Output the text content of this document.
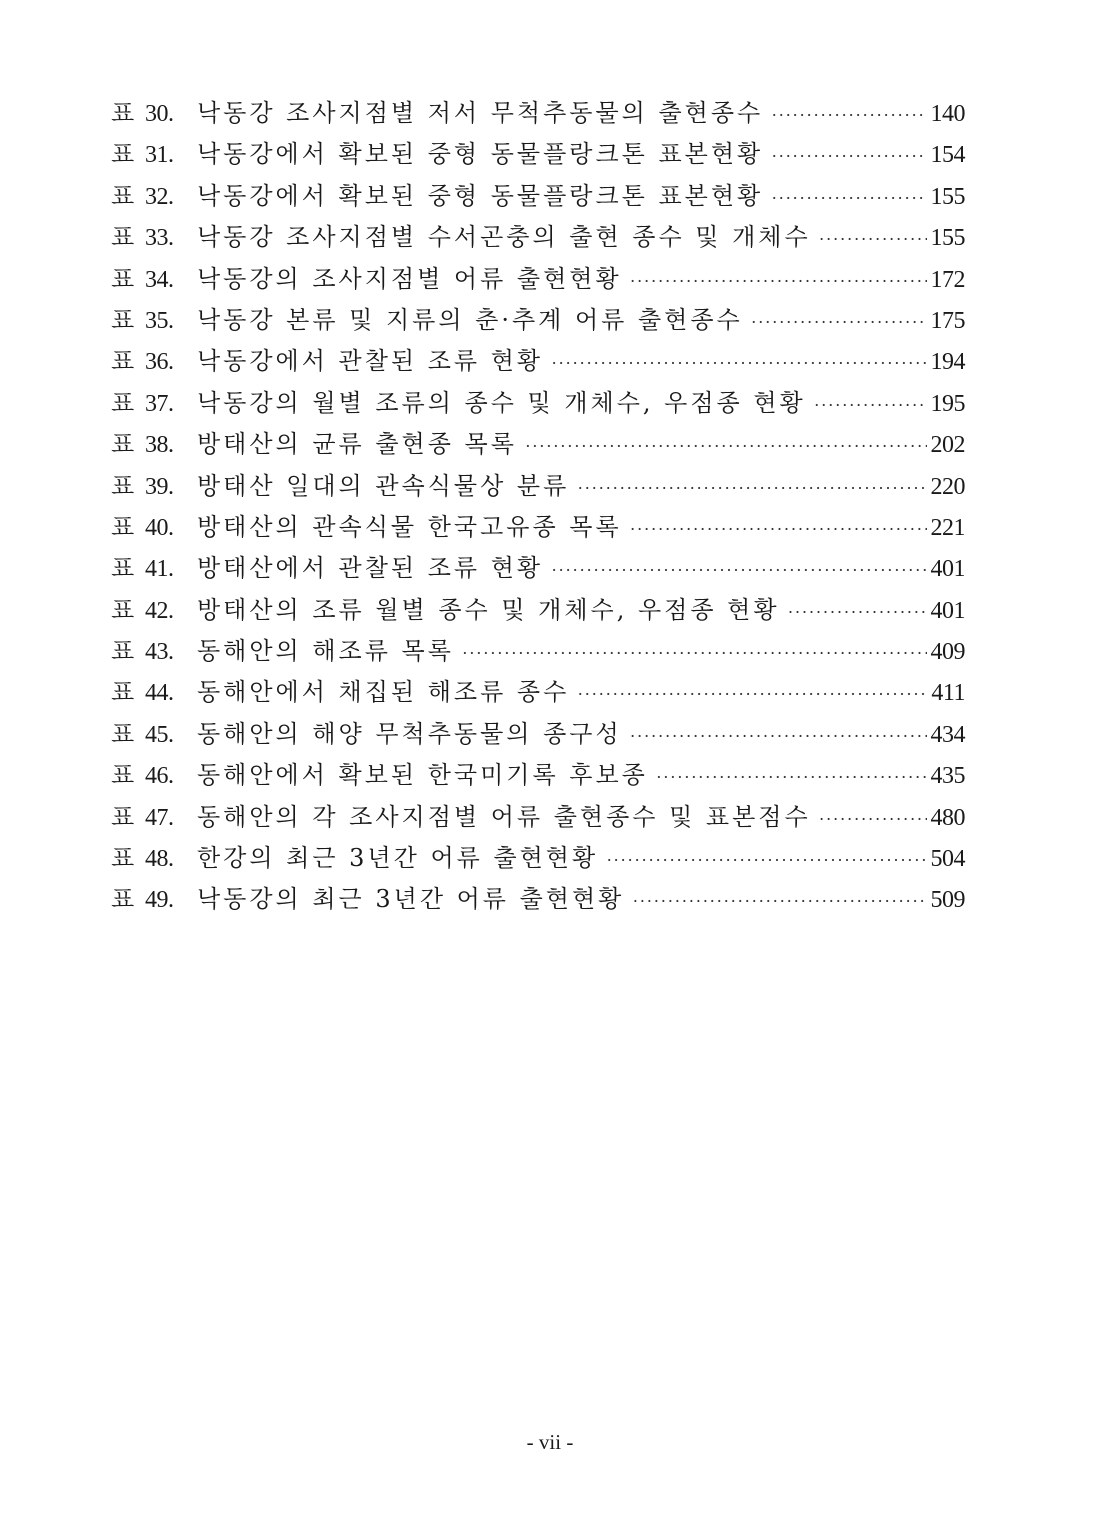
표 30. 낙동강 조사지점별 저서 무척추동물의 출현종수 ·····	140
표 31. 낙동강에서 확보된 중형 동물플랑크톤 표본현황 ·····	154
표 32. 낙동강에서 확보된 중형 동물플랑크톤 표본현황 ·····	155
표 33. 낙동강 조사지점별 수서곤충의 출현 종수 및 개체수 ·····	155
표 34. 낙동강의 조사지점별 어류 출현현황 ·····	172
표 35. 낙동강 본류 및 지류의 춘·추계 어류 출현종수 ·····	175
표 36. 낙동강에서 관찰된 조류 현황 ·····	194
표 37. 낙동강의 월별 조류의 종수 및 개체수, 우점종 현황 ·····	195
표 38. 방태산의 균류 출현종 목록 ·····	202
표 39. 방태산 일대의 관속식물상 분류 ·····	220
표 40. 방태산의 관속식물 한국고유종 목록 ·····	221
표 41. 방태산에서 관찰된 조류 현황 ·····	401
표 42. 방태산의 조류 월별 종수 및 개체수, 우점종 현황 ·····	401
표 43. 동해안의 해조류 목록 ·····	409
표 44. 동해안에서 채집된 해조류 종수 ·····	411
표 45. 동해안의 해양 무척추동물의 종구성 ·····	434
표 46. 동해안에서 확보된 한국미기록 후보종 ·····	435
표 47. 동해안의 각 조사지점별 어류 출현종수 및 표본점수 ·····	480
표 48. 한강의 최근 3년간 어류 출현현황 ·····	504
표 49. 낙동강의 최근 3년간 어류 출현현황 ·····	509
- vii -
